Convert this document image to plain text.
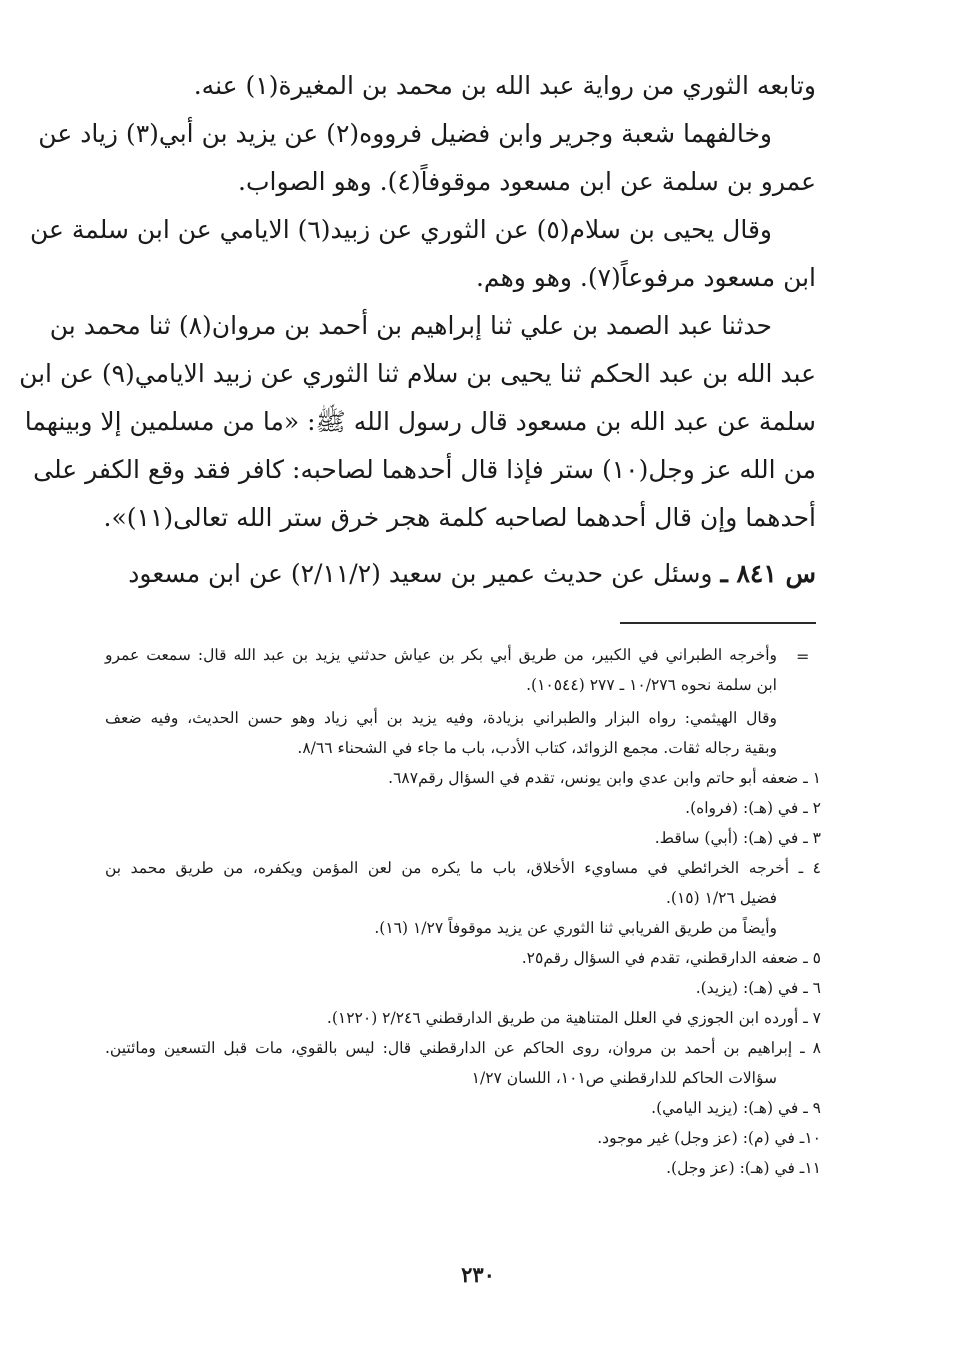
وتابعه الثوري من رواية عبد الله بن محمد بن المغيرة(١) عنه.
وخالفهما شعبة وجرير وابن فضيل فرووه(٢) عن يزيد بن أبي(٣) زياد عن
عمرو بن سلمة عن ابن مسعود موقوفاً(٤). وهو الصواب.
وقال يحيى بن سلام(٥) عن الثوري عن زبيد(٦) الايامي عن ابن سلمة عن
ابن مسعود مرفوعاً(٧). وهو وهم.
حدثنا عبد الصمد بن علي ثنا إبراهيم بن أحمد بن مروان(٨) ثنا محمد بن
عبد الله بن عبد الحكم ثنا يحيى بن سلام ثنا الثوري عن زبيد الايامي(٩) عن ابن
سلمة عن عبد الله بن مسعود قال رسول الله ﷺ: «ما من مسلمين إلا وبينهما
من الله عز وجل(١٠) ستر فإذا قال أحدهما لصاحبه: كافر فقد وقع الكفر على
أحدهما وإن قال أحدهما لصاحبه كلمة هجر خرق ستر الله تعالى(١١)».
س ٨٤١ ـ وسئل عن حديث عمير بن سعيد (٢/١١/٢) عن ابن مسعود
=
وأخرجه الطبراني في الكبير، من طريق أبي بكر بن عياش حدثني يزيد بن عبد الله قال: سمعت عمرو
ابن سلمة نحوه ١٠/٢٧٦ ـ ٢٧٧ (١٠٥٤٤).
وقال الهيثمي: رواه البزار والطبراني بزيادة، وفيه يزيد بن أبي زياد وهو حسن الحديث، وفيه ضعف
وبقية رجاله ثقات. مجمع الزوائد، كتاب الأدب، باب ما جاء في الشحناء ٨/٦٦.
١ ـ ضعفه أبو حاتم وابن عدي وابن يونس، تقدم في السؤال رقم٦٨٧.
٢ ـ في (هـ): (فرواه).
٣ ـ في (هـ): (أبي) ساقط.
٤ ـ أخرجه الخرائطي في مساويء الأخلاق، باب ما يكره من لعن المؤمن ويكفره، من طريق محمد بن
فضيل ١/٢٦ (١٥).
وأيضاً من طريق الفريابي ثنا الثوري عن يزيد موقوفاً ١/٢٧ (١٦).
٥ ـ ضعفه الدارقطني، تقدم في السؤال رقم٢٥.
٦ ـ في (هـ): (يزيد).
٧ ـ أورده ابن الجوزي في العلل المتناهية من طريق الدارقطني ٢/٢٤٦ (١٢٢٠).
٨ ـ إبراهيم بن أحمد بن مروان، روى الحاكم عن الدارقطني قال: ليس بالقوي، مات قبل التسعين ومائتين.
سؤالات الحاكم للدارقطني ص١٠١، اللسان ١/٢٧
٩ ـ في (هـ): (يزيد اليامي).
١٠ـ في (م): (عز وجل) غير موجود.
١١ـ في (هـ): (عز وجل).
٢٣٠
